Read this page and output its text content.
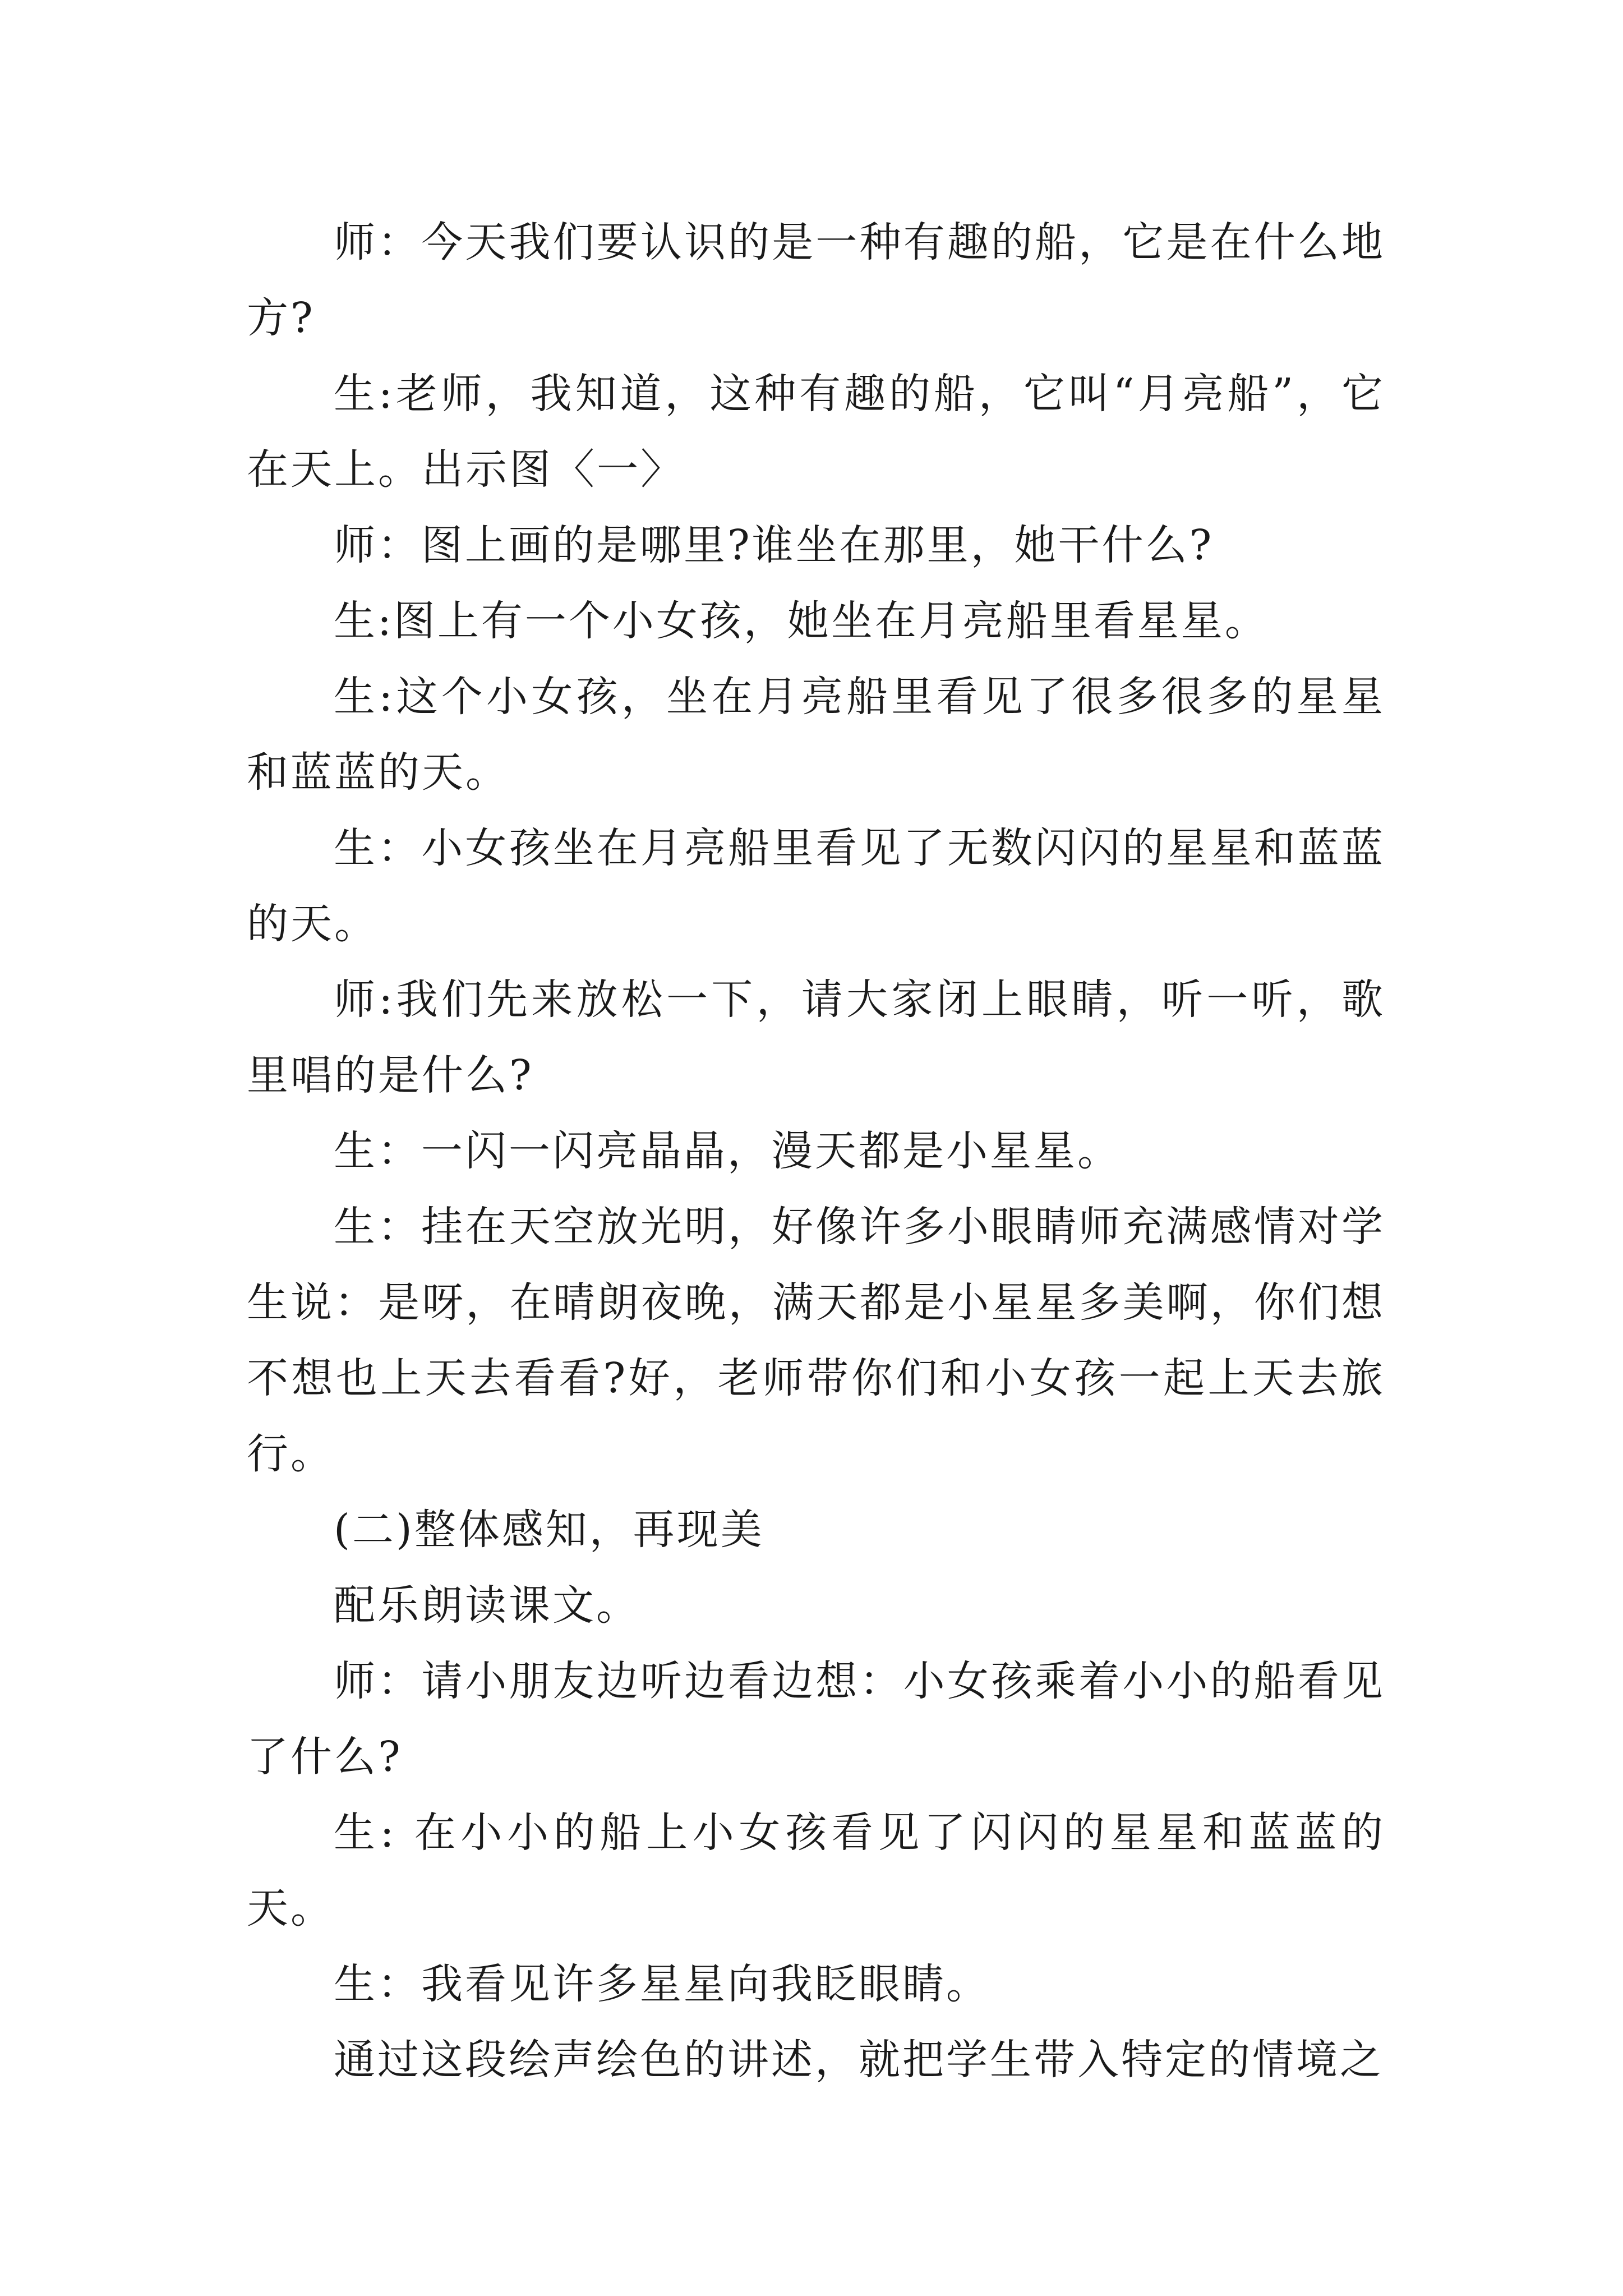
师：今天我们要认识的是一种有趣的船，它是在什么地方?

生:老师，我知道，这种有趣的船，它叫“月亮船”，它在天上。出示图〈一〉

师：图上画的是哪里?谁坐在那里，她干什么?

生:图上有一个小女孩，她坐在月亮船里看星星。

生:这个小女孩，坐在月亮船里看见了很多很多的星星和蓝蓝的天。

生：小女孩坐在月亮船里看见了无数闪闪的星星和蓝蓝的天。

师:我们先来放松一下，请大家闭上眼睛，听一听，歌里唱的是什么?

生：一闪一闪亮晶晶，漫天都是小星星。

生：挂在天空放光明，好像许多小眼睛师充满感情对学生说：是呀，在晴朗夜晚，满天都是小星星多美啊，你们想不想也上天去看看?好，老师带你们和小女孩一起上天去旅行。

(二)整体感知，再现美

配乐朗读课文。

师：请小朋友边听边看边想：小女孩乘着小小的船看见了什么?

生: 在小小的船上小女孩看见了闪闪的星星和蓝蓝的天。

生：我看见许多星星向我眨眼睛。

通过这段绘声绘色的讲述，就把学生带入特定的情境之
